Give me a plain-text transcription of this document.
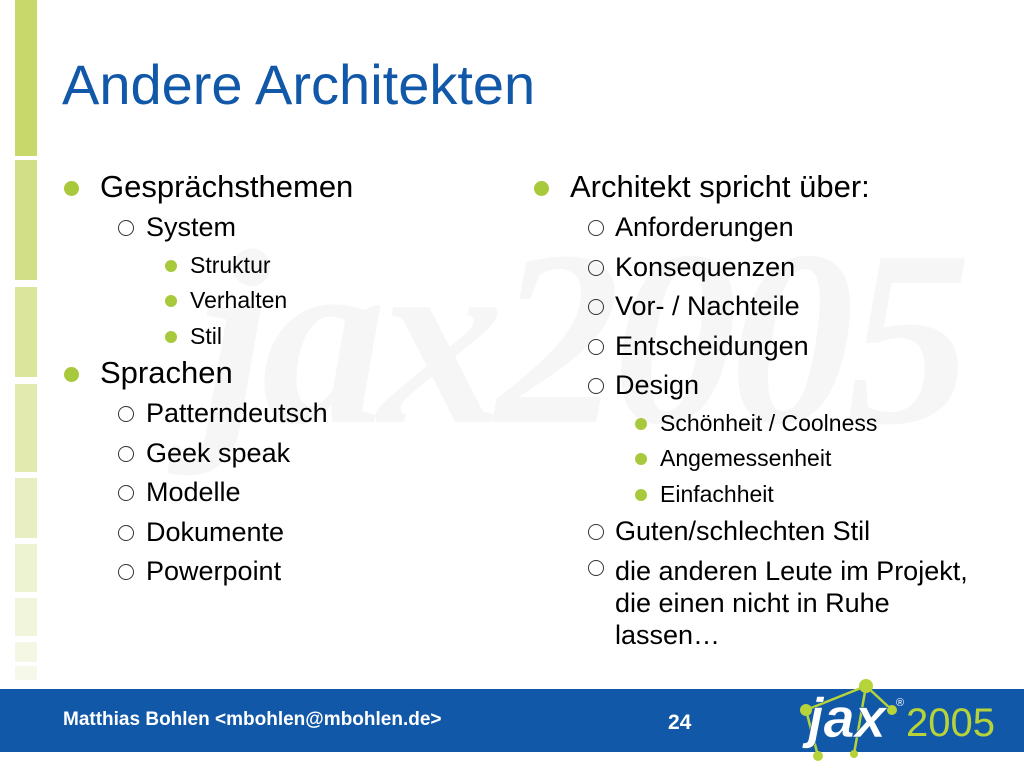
Andere Architekten
Gesprächsthemen
System
Struktur
Verhalten
Stil
Sprachen
Patterndeutsch
Geek speak
Modelle
Dokumente
Powerpoint
Architekt spricht über:
Anforderungen
Konsequenzen
Vor- / Nachteile
Entscheidungen
Design
Schönheit / Coolness
Angemessenheit
Einfachheit
Guten/schlechten Stil
die anderen Leute im Projekt, die einen nicht in Ruhe lassen…
Matthias Bohlen <mbohlen@mbohlen.de>	24 jax ® 2005
